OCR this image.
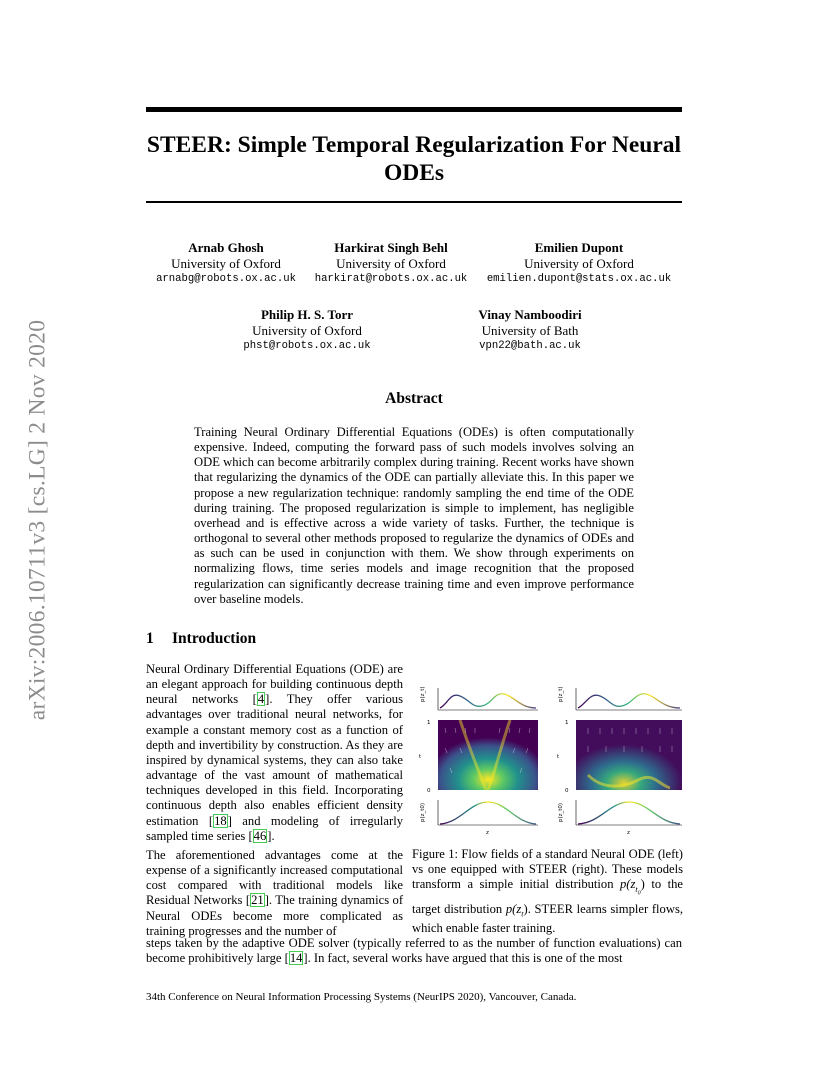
arXiv:2006.10711v3 [cs.LG] 2 Nov 2020
STEER: Simple Temporal Regularization For Neural
ODEs
Arnab Ghosh
University of Oxford
arnabg@robots.ox.ac.uk
Harkirat Singh Behl
University of Oxford
harkirat@robots.ox.ac.uk
Emilien Dupont
University of Oxford
emilien.dupont@stats.ox.ac.uk
Philip H. S. Torr
University of Oxford
phst@robots.ox.ac.uk
Vinay Namboodiri
University of Bath
vpn22@bath.ac.uk
Abstract
Training Neural Ordinary Differential Equations (ODEs) is often computationally expensive. Indeed, computing the forward pass of such models involves solving an ODE which can become arbitrarily complex during training. Recent works have shown that regularizing the dynamics of the ODE can partially alleviate this. In this paper we propose a new regularization technique: randomly sampling the end time of the ODE during training. The proposed regularization is simple to implement, has negligible overhead and is effective across a wide variety of tasks. Further, the technique is orthogonal to several other methods proposed to regularize the dynamics of ODEs and as such can be used in conjunction with them. We show through experiments on normalizing flows, time series models and image recognition that the proposed regularization can significantly decrease training time and even improve performance over baseline models.
1 Introduction
Neural Ordinary Differential Equations (ODE) are an elegant approach for building continuous depth neural networks [4]. They offer various advantages over traditional neural networks, for example a constant memory cost as a function of depth and invertibility by construction. As they are inspired by dynamical systems, they can also take advantage of the vast amount of mathematical techniques developed in this field. Incorporating continuous depth also enables efficient density estimation [18] and modeling of irregularly sampled time series [46].
The aforementioned advantages come at the expense of a significantly increased computational cost compared with traditional models like Residual Networks [21]. The training dynamics of Neural ODEs become more complicated as training progresses and the number of
steps taken by the adaptive ODE solver (typically referred to as the number of function evaluations) can become prohibitively large [14]. In fact, several works have argued that this is one of the most
p(z_t)
1
0
t
p(z_t0)
z
p(z_t)
1
0
t
p(z_t0)
z
Figure 1: Flow fields of a standard Neural ODE (left) vs one equipped with STEER (right). These models transform a simple initial distribution $p(z_{t_0})$ to the target distribution $p(z_t)$. STEER learns simpler flows, which enable faster training.
34th Conference on Neural Information Processing Systems (NeurIPS 2020), Vancouver, Canada.
